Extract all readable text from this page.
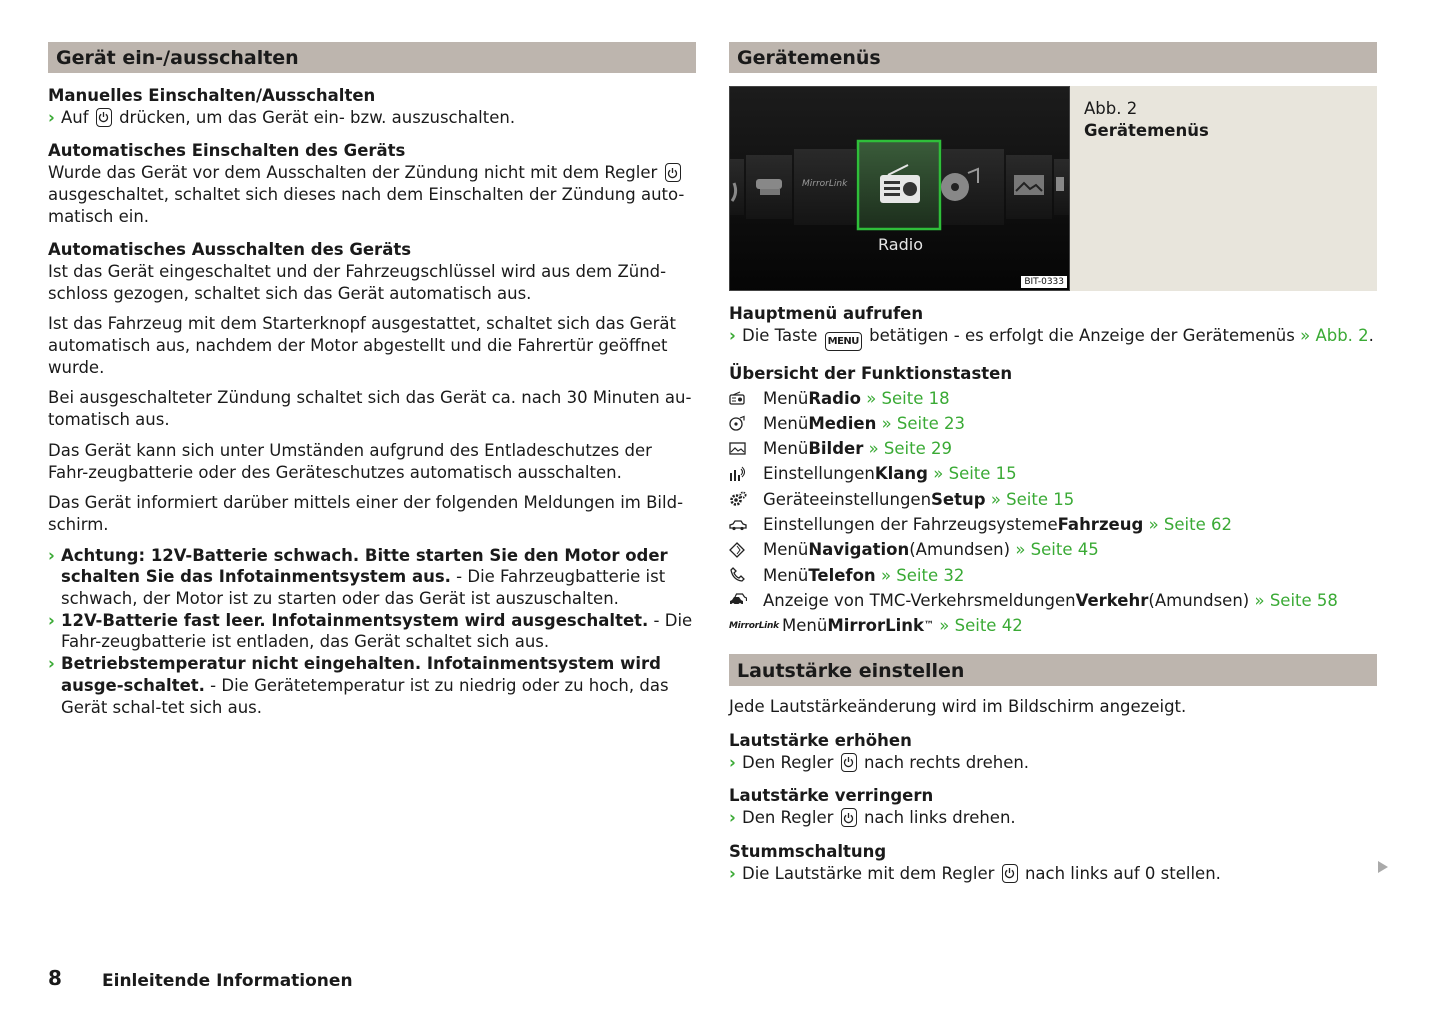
Gerät ein-/ausschalten

Manuelles Einschalten/Ausschalten

› Auf drücken, um das Gerät ein- bzw. auszuschalten.

Automatisches Einschalten des Geräts

Wurde das Gerät vor dem Ausschalten der Zündung nicht mit dem Regler

ausgeschaltet, schaltet sich dieses nach dem Einschalten der Zündung auto-
matisch ein.

Automatisches Ausschalten des Geräts

Ist das Gerät eingeschaltet und der Fahrzeugschlüssel wird aus dem Zünd-schloss gezogen, schaltet sich das Gerät automatisch aus.

Ist das Fahrzeug mit dem Starterknopf ausgestattet, schaltet sich das Gerät automatisch aus, nachdem der Motor abgestellt und die Fahrertür geöffnet wurde.

Bei ausgeschalteter Zündung schaltet sich das Gerät ca. nach 30 Minuten au-tomatisch aus.

Das Gerät kann sich unter Umständen aufgrund des Entladeschutzes der Fahr-zeugbatterie oder des Geräteschutzes automatisch ausschalten.

Das Gerät informiert darüber mittels einer der folgenden Meldungen im Bild-schirm.

› Achtung: 12V-Batterie schwach. Bitte starten Sie den Motor oder schalten Sie das Infotainmentsystem aus. - Die Fahrzeugbatterie ist schwach, der Motor ist zu starten oder das Gerät ist auszuschalten.
› 12V-Batterie fast leer. Infotainmentsystem wird ausgeschaltet. - Die Fahr-zeugbatterie ist entladen, das Gerät schaltet sich aus.
› Betriebstemperatur nicht eingehalten. Infotainmentsystem wird ausge-schaltet. - Die Gerätetemperatur ist zu niedrig oder zu hoch, das Gerät schal-tet sich aus.
Gerätemenüs
MirrorLink
Radio
BIT-0333
Abb. 2
Gerätemenüs

Hauptmenü aufrufen

› Die Taste MENU betätigen - es erfolgt die Anzeige der Gerätemenüs » Abb. 2.

Übersicht der Funktionstasten

Menü Radio
» Seite 18
Menü Medien
» Seite 23
Menü Bilder
» Seite 29
Einstellungen Klang
» Seite 15
Geräteeinstellungen Setup
» Seite 15
Einstellungen der Fahrzeugsysteme Fahrzeug
» Seite 62
Menü Navigation (Amundsen)
» Seite 45
Menü Telefon
» Seite 32
Anzeige von TMC-Verkehrsmeldungen Verkehr (Amundsen)
» Seite 58
MirrorLink Menü MirrorLink ™
» Seite 42
Lautstärke einstellen

Jede Lautstärkeänderung wird im Bildschirm angezeigt.

Lautstärke erhöhen

› Den Regler nach rechts drehen.

Lautstärke verringern

› Den Regler nach links drehen.

Stummschaltung

› Die Lautstärke mit dem Regler nach links auf 0 stellen.
8 Einleitende Informationen
